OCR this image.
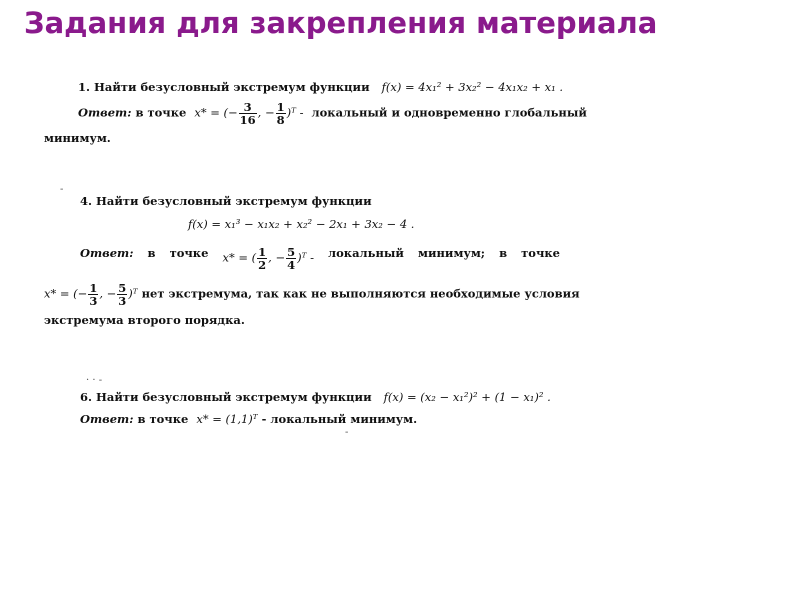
Задания для закрепления материала
1. Найти безусловный экстремум функции f(x) = 4x₁² + 3x₂² − 4x₁x₂ + x₁ .
Ответ: в точке x* = (− $\frac{3}{16}$ , − $\frac{1}{8}$ )ᵀ - локальный и одновременно глобальный
минимум.
-
4. Найти безусловный экстремум функции
f(x) = x₁³ − x₁x₂ + x₂² − 2x₁ + 3x₂ − 4 .
Ответ: в точке x* = ( $\frac{1}{2}$ , − $\frac{5}{4}$ )ᵀ - локальный минимум; в точке
x* = (− $\frac{1}{3}$ , − $\frac{5}{3}$ )ᵀ нет экстремума, так как не выполняются необходимые условия
экстремума второго порядка.
· · -
6. Найти безусловный экстремум функции f(x) = (x₂ − x₁²)² + (1 − x₁)² .
Ответ: в точке x* = (1,1)ᵀ - локальный минимум.
-
